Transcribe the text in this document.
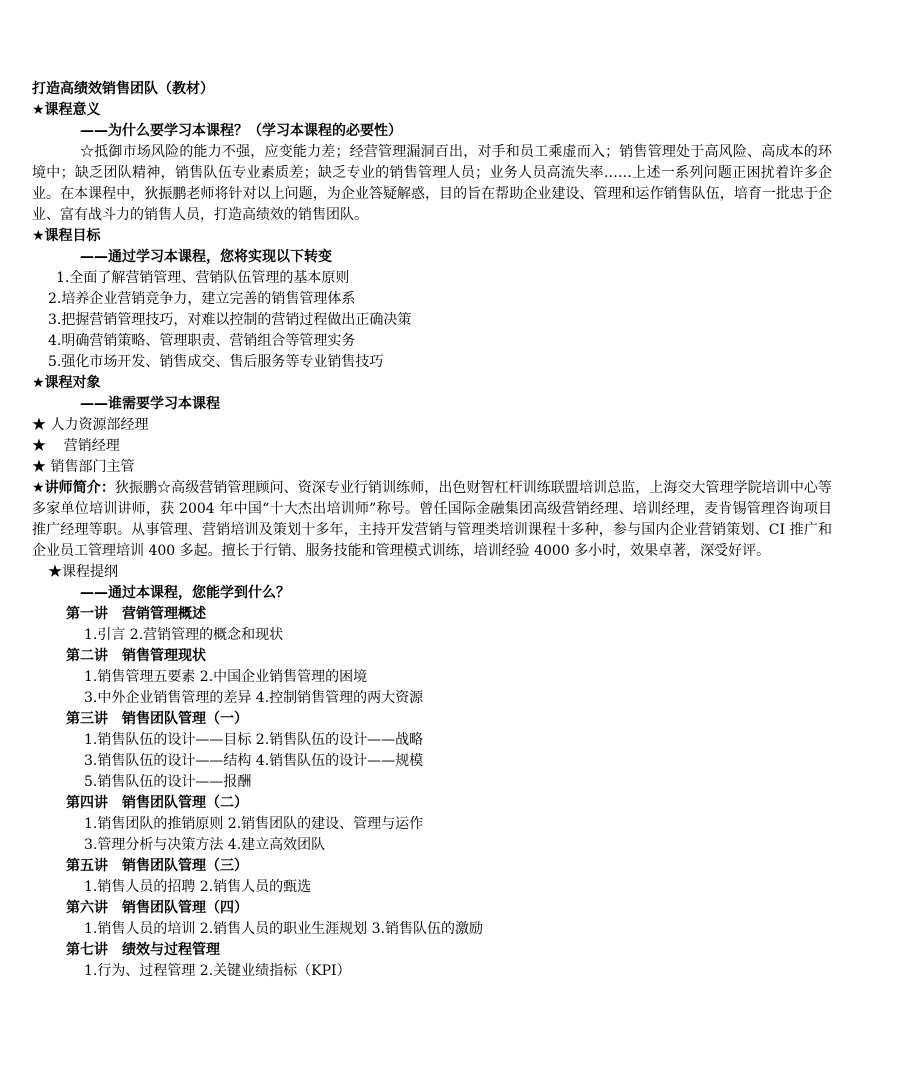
打造高绩效销售团队（教材）
★课程意义
——为什么要学习本课程？（学习本课程的必要性）
☆抵御市场风险的能力不强，应变能力差；经营管理漏洞百出，对手和员工乘虚而入；销售管理处于高风险、高成本的环境中；缺乏团队精神，销售队伍专业素质差；缺乏专业的销售管理人员；业务人员高流失率……上述一系列问题正困扰着许多企业。在本课程中，狄振鹏老师将针对以上问题，为企业答疑解惑，目的旨在帮助企业建设、管理和运作销售队伍，培育一批忠于企业、富有战斗力的销售人员，打造高绩效的销售团队。
★课程目标
——通过学习本课程，您将实现以下转变
1.全面了解营销管理、营销队伍管理的基本原则
2.培养企业营销竞争力，建立完善的销售管理体系
3.把握营销管理技巧，对难以控制的营销过程做出正确决策
4.明确营销策略、管理职责、营销组合等管理实务
5.强化市场开发、销售成交、售后服务等专业销售技巧
★课程对象
——谁需要学习本课程
★ 人力资源部经理
★    营销经理
★ 销售部门主管
★讲师简介：狄振鹏☆高级营销管理顾问、资深专业行销训练师，出色财智杠杆训练联盟培训总监，上海交大管理学院培训中心等多家单位培训讲师，获 2004 年中国“十大杰出培训师”称号。曾任国际金融集团高级营销经理、培训经理，麦肯锡管理咨询项目推广经理等职。从事管理、营销培训及策划十多年，主持开发营销与管理类培训课程十多种，参与国内企业营销策划、CI 推广和企业员工管理培训 400 多起。擅长于行销、服务技能和管理模式训练，培训经验 4000 多小时，效果卓著，深受好评。
★课程提纲
——通过本课程，您能学到什么？
第一讲　营销管理概述
1.引言 2.营销管理的概念和现状
第二讲　销售管理现状
1.销售管理五要素 2.中国企业销售管理的困境
3.中外企业销售管理的差异 4.控制销售管理的两大资源
第三讲　销售团队管理（一）
1.销售队伍的设计——目标 2.销售队伍的设计——战略
3.销售队伍的设计——结构 4.销售队伍的设计——规模
5.销售队伍的设计——报酬
第四讲　销售团队管理（二）
1.销售团队的推销原则 2.销售团队的建设、管理与运作
3.管理分析与决策方法 4.建立高效团队
第五讲　销售团队管理（三）
1.销售人员的招聘 2.销售人员的甄选
第六讲　销售团队管理（四）
1.销售人员的培训 2.销售人员的职业生涯规划 3.销售队伍的激励
第七讲　绩效与过程管理
1.行为、过程管理 2.关键业绩指标（KPI）
